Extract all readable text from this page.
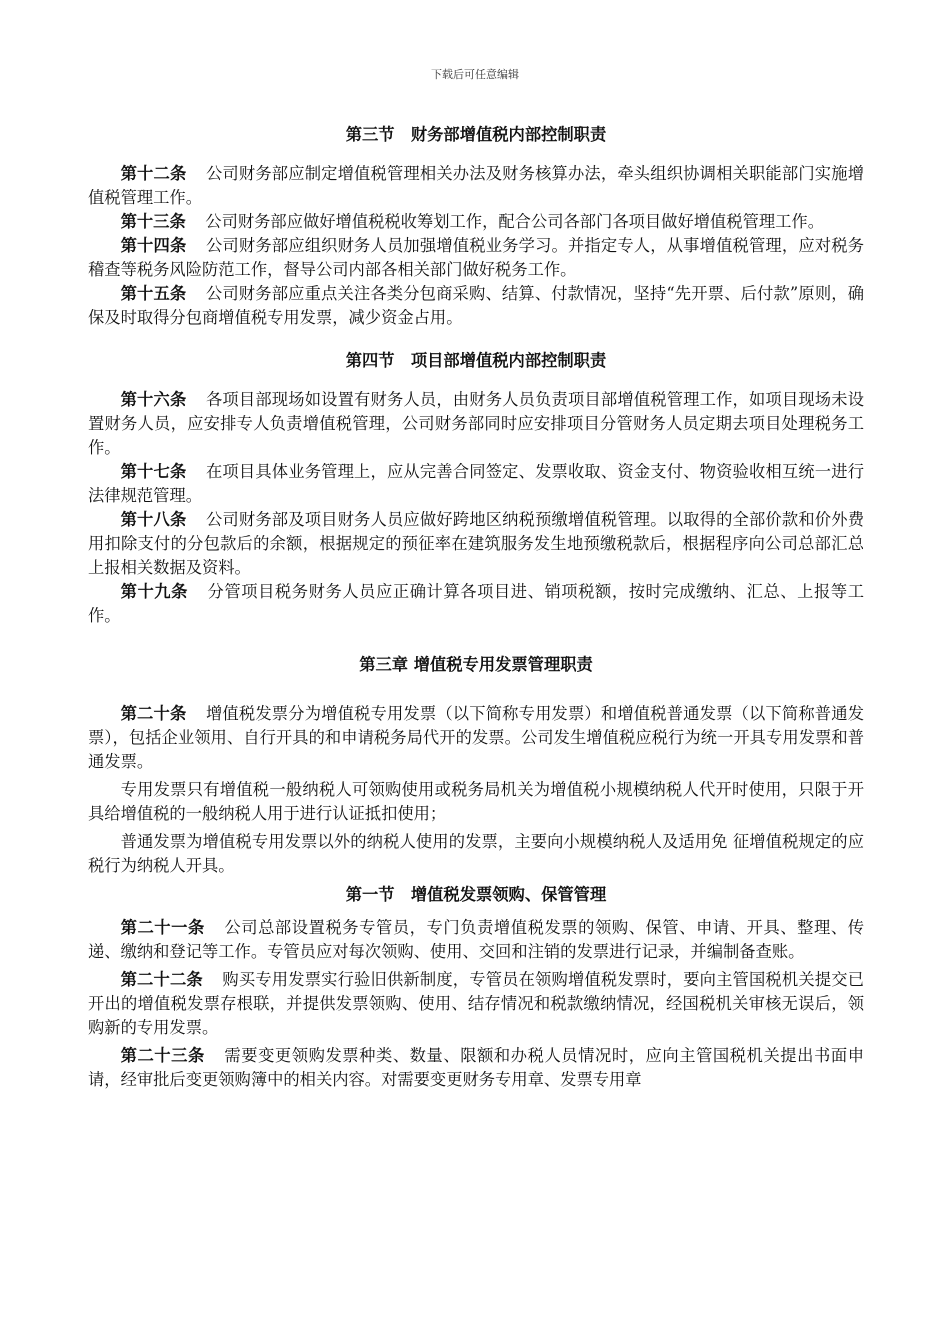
下载后可任意编辑
第三节　财务部增值税内部控制职责

第十二条 公司财务部应制定增值税管理相关办法及财务核算办法，牵头组织协调相关职能部门实施增值税管理工作。

第十三条 公司财务部应做好增值税税收筹划工作，配合公司各部门各项目做好增值税管理工作。

第十四条 公司财务部应组织财务人员加强增值税业务学习。并指定专人，从事增值税管理，应对税务稽查等税务风险防范工作，督导公司内部各相关部门做好税务工作。

第十五条 公司财务部应重点关注各类分包商采购、结算、付款情况，坚持“先开票、后付款”原则，确保及时取得分包商增值税专用发票，减少资金占用。

第四节　项目部增值税内部控制职责

第十六条 各项目部现场如设置有财务人员，由财务人员负责项目部增值税管理工作，如项目现场未设置财务人员，应安排专人负责增值税管理，公司财务部同时应安排项目分管财务人员定期去项目处理税务工作。

第十七条 在项目具体业务管理上，应从完善合同签定、发票收取、资金支付、物资验收相互统一进行法律规范管理。

第十八条 公司财务部及项目财务人员应做好跨地区纳税预缴增值税管理。以取得的全部价款和价外费用扣除支付的分包款后的余额，根据规定的预征率在建筑服务发生地预缴税款后，根据程序向公司总部汇总上报相关数据及资料。

第十九条 分管项目税务财务人员应正确计算各项目进、销项税额，按时完成缴纳、汇总、上报等工作。

第三章 增值税专用发票管理职责

第二十条 增值税发票分为增值税专用发票（以下简称专用发票）和增值税普通发票（以下简称普通发票），包括企业领用、自行开具的和申请税务局代开的发票。公司发生增值税应税行为统一开具专用发票和普通发票。

专用发票只有增值税一般纳税人可领购使用或税务局机关为增值税小规模纳税人代开时使用，只限于开具给增值税的一般纳税人用于进行认证抵扣使用；

普通发票为增值税专用发票以外的纳税人使用的发票，主要向小规模纳税人及适用免 征增值税规定的应税行为纳税人开具。

第一节　增值税发票领购、保管管理

第二十一条 公司总部设置税务专管员，专门负责增值税发票的领购、保管、申请、开具、整理、传递、缴纳和登记等工作。专管员应对每次领购、使用、交回和注销的发票进行记录，并编制备查账。

第二十二条 购买专用发票实行验旧供新制度，专管员在领购增值税发票时，要向主管国税机关提交已开出的增值税发票存根联，并提供发票领购、使用、结存情况和税款缴纳情况，经国税机关审核无误后，领购新的专用发票。

第二十三条 需要变更领购发票种类、数量、限额和办税人员情况时，应向主管国税机关提出书面申请，经审批后变更领购簿中的相关内容。对需要变更财务专用章、发票专用章
